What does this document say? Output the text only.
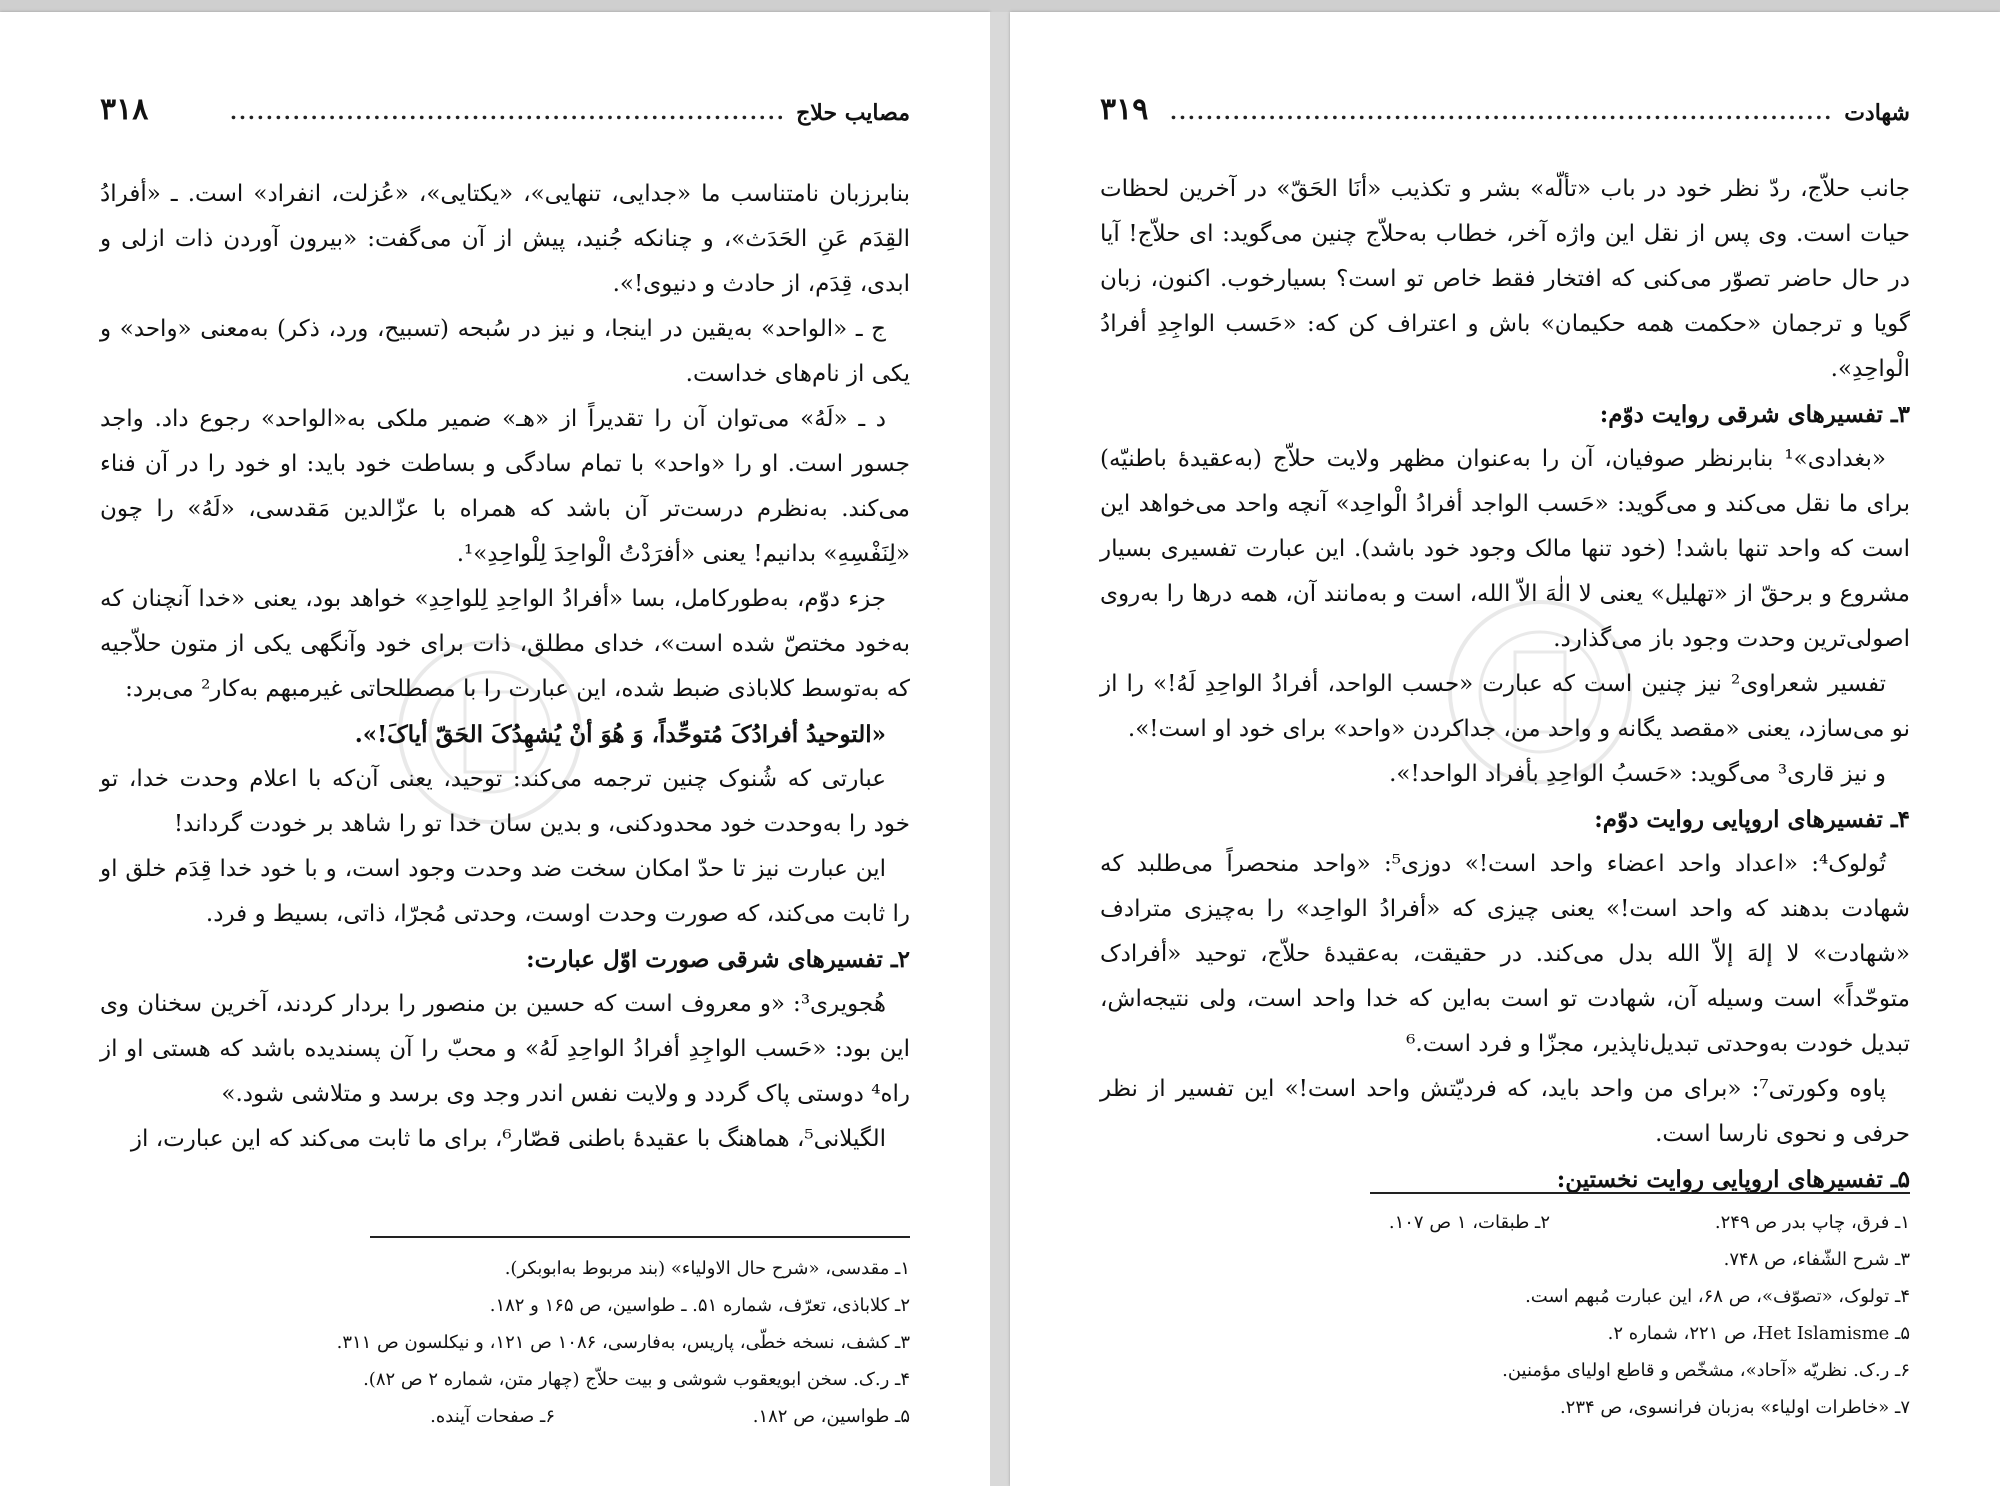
مصایب حلاج
..............................................................
۳۱۸

بنابرزبان نامتناسب ما «جدایی، تنهایی»، «یکتایی»، «عُزلت، انفراد» است. ـ «أفرادُ القِدَم عَنِ الحَدَث»، و چنانکه جُنید، پیش از آن می‌گفت: «بیرون آوردن ذات ازلی و ابدی، قِدَم، از حادث و دنیوی!».

ج ـ «الواحد» به‌یقین در اینجا، و نیز در سُبحه (تسبیح، ورد، ذکر) به‌معنی «واحد» و یکی از نام‌های خداست.

د ـ «لَهُ» می‌توان آن را تقدیراً از «هـ» ضمیر ملکی به«الواحد» رجوع داد. واجد جسور است. او را «واحد» با تمام سادگی و بساطت خود باید: او خود را در آن فناء می‌کند. به‌نظرم درست‌تر آن باشد که همراه با عزّالدین مَقدسی، «لَهُ» را چون «لِنَفْسِهِ» بدانیم! یعنی «أفرَدْتُ الْواحِدَ لِلْواحِدِ»¹.

جزء دوّم، به‌طورکامل، بسا «أفرادُ الواحِدِ لِلواحِدِ» خواهد بود، یعنی «خدا آنچنان که به‌خود مختصّ شده است»، خدای مطلق، ذات برای خود وآنگهی یکی از متون حلاّجیه که به‌توسط کلاباذی ضبط شده، این عبارت را با مصطلحاتی غیرمبهم به‌کار² می‌برد:

«التوحیدُ أفرادُکَ مُتوحِّداً، وَ هُوَ أنْ یُشهِدُکَ الحَقّ أیاکَ!».

عبارتی که شُنوک چنین ترجمه می‌کند: توحید، یعنی آن‌که با اعلام وحدت خدا، تو خود را به‌وحدت خود محدودکنی، و بدین سان خدا تو را شاهد بر خودت گرداند!

این عبارت نیز تا حدّ امکان سخت ضد وحدت وجود است، و با خود خدا قِدَم خلق او را ثابت می‌کند، که صورت وحدت اوست، وحدتی مُجرّا، ذاتی، بسیط و فرد.

۲ـ تفسیرهای شرقی صورت اوّل عبارت:

هُجویری³: «و معروف است که حسین بن منصور را بردار کردند، آخرین سخنان وی این بود: «حَسب الواجِدِ أفرادُ الواحِدِ لَهُ» و محبّ را آن پسندیده باشد که هستی او از راه⁴ دوستی پاک گردد و ولایت نفس اندر وجد وی برسد و متلاشی شود.»

الگیلانی⁵، هماهنگ با عقیدهٔ باطنی قصّار⁶، برای ما ثابت می‌کند که این عبارت، از

۱ـ مقدسی، «شرح حال الاولیاء» (بند مربوط به‌ابوبکر).
۲ـ کلاباذی، تعرّف، شماره ۵۱. ـ طواسین، ص ۱۶۵ و ۱۸۲.
۳ـ کشف، نسخه خطّی، پاریس، به‌فارسی، ۱۰۸۶ ص ۱۲۱، و نیکلسون ص ۳۱۱.
۴ـ ر.ک. سخن ابویعقوب شوشی و بیت حلاّج (چهار متن، شماره ۲ ص ۸۲).
۵ـ طواسین، ص ۱۸۲.
۶ـ صفحات آینده.
شهادت
..........................................................................
۳۱۹

جانب حلاّج، ردّ نظر خود در باب «تألّه» بشر و تکذیب «أنَا الحَقّ» در آخرین لحظات حیات است. وی پس از نقل این واژه آخر، خطاب به‌حلاّج چنین می‌گوید: ای حلاّج! آیا در حال حاضر تصوّر می‌کنی که افتخار فقط خاص تو است؟ بسیارخوب. اکنون، زبان گویا و ترجمان «حکمت همه حکیمان» باش و اعتراف کن که: «حَسب الواجِدِ أفرادُ الْواحِدِ».

۳ـ تفسیرهای شرقی روایت دوّم:

«بغدادی»¹ بنابرنظر صوفیان، آن را به‌عنوان مظهر ولایت حلاّج (به‌عقیدهٔ باطنیّه) برای ما نقل می‌کند و می‌گوید: «حَسب الواجد أفرادُ الْواحِد» آنچه واحد می‌خواهد این است که واحد تنها باشد! (خود تنها مالک وجود خود باشد). این عبارت تفسیری بسیار مشروع و برحقّ از «تهلیل» یعنی لا الٰهَ الاّ الله، است و به‌مانند آن، همه درها را به‌روی اصولی‌ترین وحدت وجود باز می‌گذارد.

تفسیر شعراوی² نیز چنین است که عبارت «حسب الواحد، أفرادُ الواحِدِ لَهُ!» را از نو می‌سازد، یعنی «مقصد یگانه و واحد من، جداکردن «واحد» برای خود او است!».

و نیز قاری³ می‌گوید: «حَسبُ الواحِدِ بأفراد الواحد!».

۴ـ تفسیرهای اروپایی روایت دوّم:

تُولوک⁴: «اعداد واحد اعضاء واحد است!» دوزی⁵: «واحد منحصراً می‌طلبد که شهادت بدهند که واحد است!» یعنی چیزی که «أفرادُ الواحِد» را به‌چیزی مترادف «شهادت» لا إلهَ إلاّ الله بدل می‌کند. در حقیقت، به‌عقیدهٔ حلاّج، توحید «أفرادک متوحّداً» است وسیله آن، شهادت تو است به‌این که خدا واحد است، ولی نتیجه‌اش، تبدیل خودت به‌وحدتی تبدیل‌ناپذیر، مجزّا و فرد است.⁶

پاوه وکورتی⁷: «برای من واحد باید، که فردیّتش واحد است!» این تفسیر از نظر حرفی و نحوی نارسا است.

۵ـ تفسیرهای اروپایی روایت نخستین:

۱ـ فرق، چاپ بدر ص ۲۴۹.
۲ـ طبقات، ۱ ص ۱۰۷.
۳ـ شرح الشّفاء، ص ۷۴۸.
۴ـ تولوک، «تصوّف»، ص ۶۸، این عبارت مُبهم است.
۵ـ Het Islamisme، ص ۲۲۱، شماره ۲.
۶ـ ر.ک. نظریّه «آحاد»، مشخّص و قاطع اولیای مؤمنین.
۷ـ «خاطرات اولیاء» به‌زبان فرانسوی، ص ۲۳۴.
